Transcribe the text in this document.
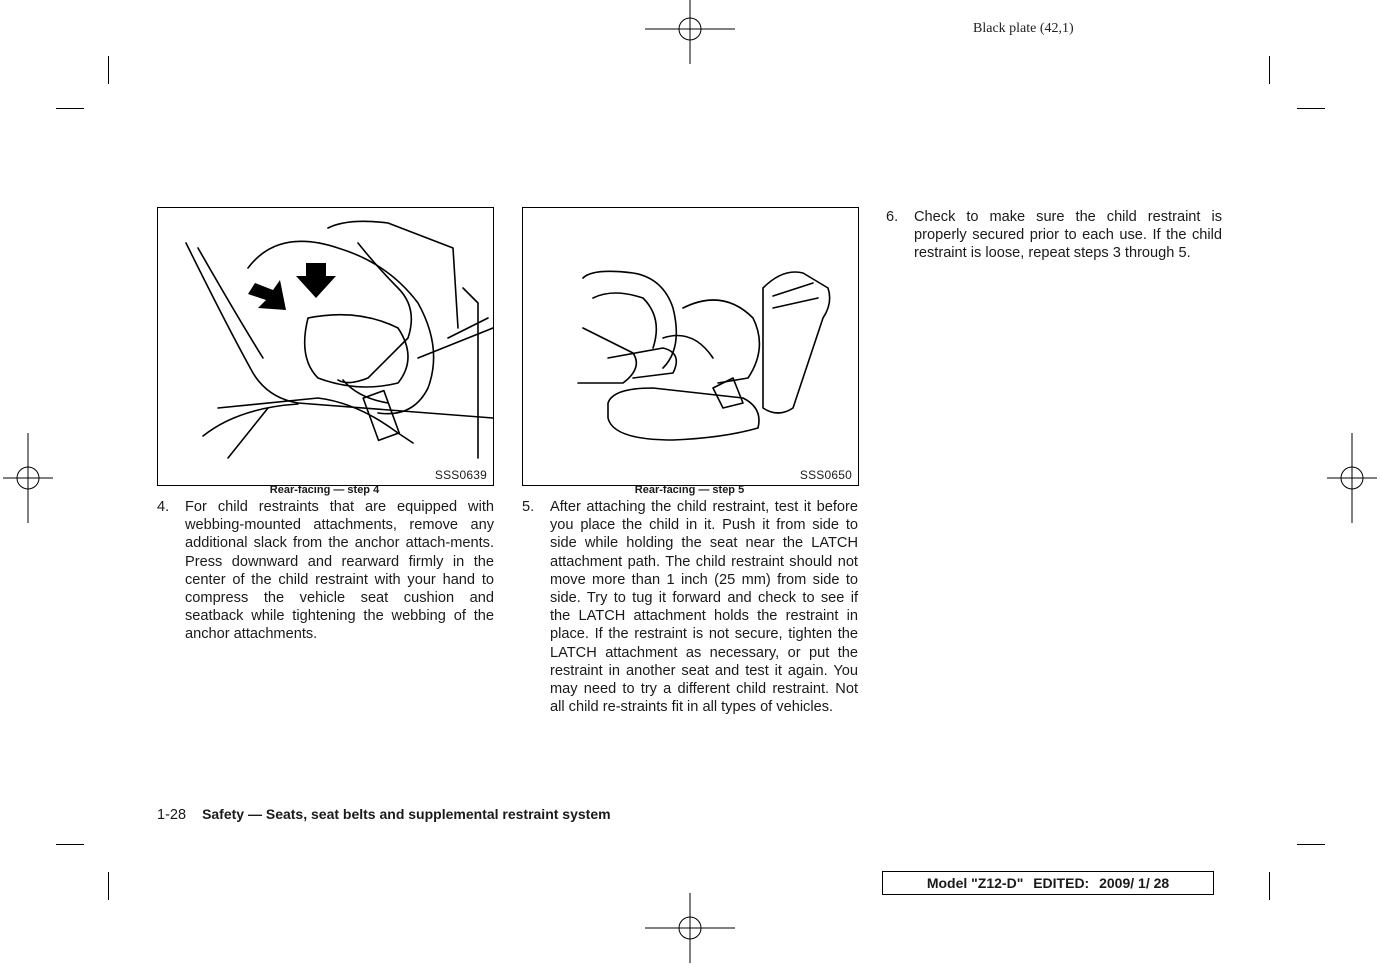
Black plate (42,1)
SSS0639
Rear-facing — step 4
SSS0650
Rear-facing — step 5
4. For child restraints that are equipped with webbing-mounted attachments, remove any additional slack from the anchor attach-ments. Press downward and rearward firmly in the center of the child restraint with your hand to compress the vehicle seat cushion and seatback while tightening the webbing of the anchor attachments.
5. After attaching the child restraint, test it before you place the child in it. Push it from side to side while holding the seat near the LATCH attachment path. The child restraint should not move more than 1 inch (25 mm) from side to side. Try to tug it forward and check to see if the LATCH attachment holds the restraint in place. If the restraint is not secure, tighten the LATCH attachment as necessary, or put the restraint in another seat and test it again. You may need to try a different child restraint. Not all child re-straints fit in all types of vehicles.
6. Check to make sure the child restraint is properly secured prior to each use. If the child restraint is loose, repeat steps 3 through 5.
1-28 Safety — Seats, seat belts and supplemental restraint system
Model "Z12-D" EDITED: 2009/ 1/ 28
